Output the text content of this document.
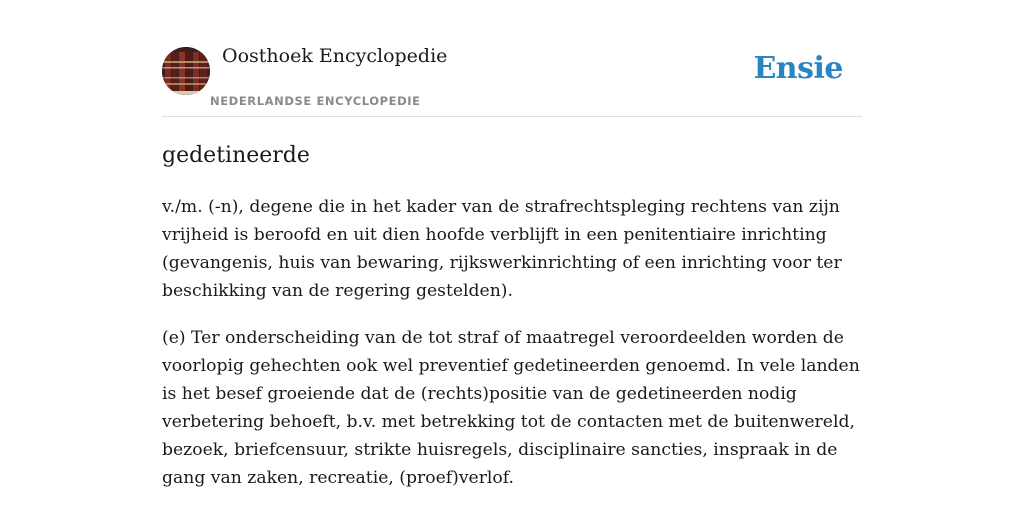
Oosthoek Encyclopedie
NEDERLANDSE ENCYCLOPEDIE
Ensie
gedetineerde

v./m. (-n), degene die in het kader van de strafrechtspleging rechtens van zijn vrijheid is beroofd en uit dien hoofde verblijft in een penitentiaire inrichting (gevangenis, huis van bewaring, rijkswerkinrichting of een inrichting voor ter beschikking van de regering gestelden).

(e) Ter onderscheiding van de tot straf of maatregel veroordeelden worden de voorlopig gehechten ook wel preventief gedetineerden genoemd. In vele landen is het besef groeiende dat de (rechts)positie van de gedetineerden nodig verbetering behoeft, b.v. met betrekking tot de contacten met de buitenwereld, bezoek, briefcensuur, strikte huisregels, disciplinaire sancties, inspraak in de gang van zaken, recreatie, (proef)verlof.
